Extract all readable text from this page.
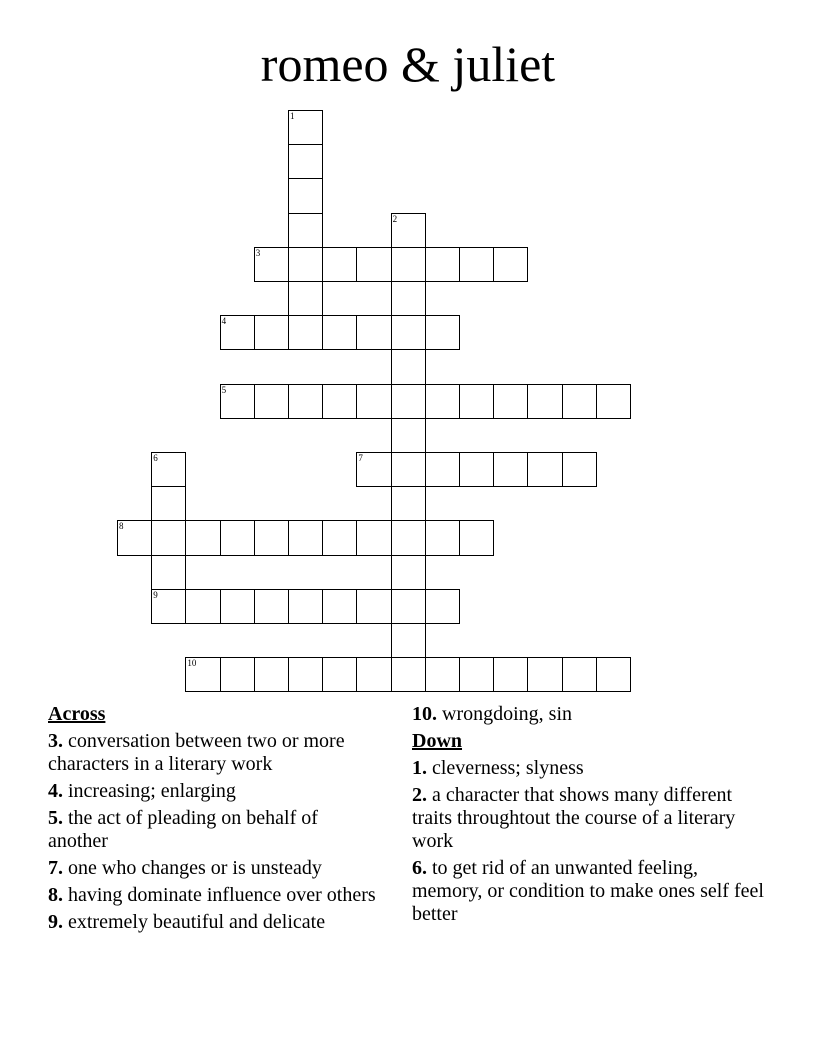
romeo & juliet
1
2
3
4
5
6	7
8
9
10
Across
3. conversation between two or more characters in a literary work
4. increasing; enlarging
5. the act of pleading on behalf of another
7. one who changes or is unsteady
8. having dominate influence over others
9. extremely beautiful and delicate
10. wrongdoing, sin
Down
1. cleverness; slyness
2. a character that shows many different traits throughtout the course of a literary work
6. to get rid of an unwanted feeling, memory, or condition to make ones self feel better
